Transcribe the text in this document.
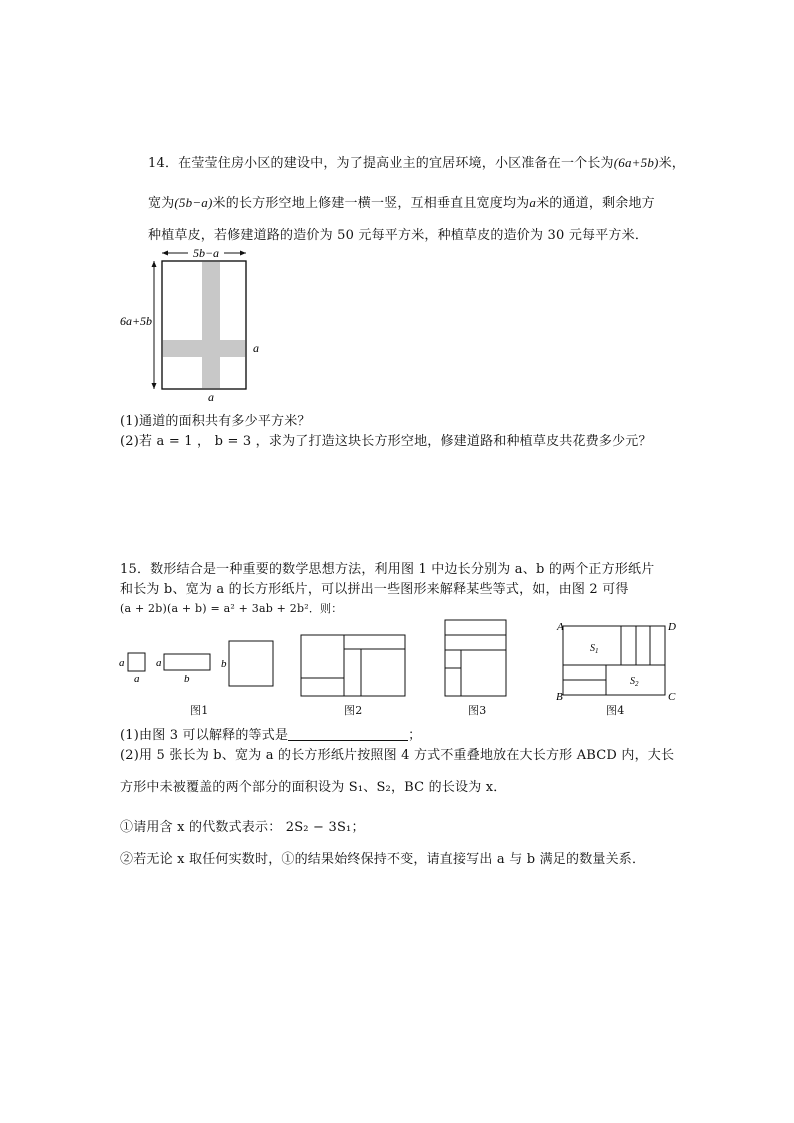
14．在莹莹住房小区的建设中，为了提高业主的宜居环境，小区准备在一个长为(6a+5b)米，
宽为(5b−a)米的长方形空地上修建一横一竖，互相垂直且宽度均为a米的通道，剩余地方
种植草皮，若修建道路的造价为 50 元每平方米，种植草皮的造价为 30 元每平方米．
5b−a
6a+5b
a
a
(1)通道的面积共有多少平方米？
(2)若 a = 1 ， b = 3 ，求为了打造这块长方形空地，修建道路和种植草皮共花费多少元？
15．数形结合是一种重要的数学思想方法，利用图 1 中边长分别为 a、b 的两个正方形纸片
和长为 b、宽为 a 的长方形纸片，可以拼出一些图形来解释某些等式，如，由图 2 可得
(a + 2b)(a + b) = a² + 3ab + 2b²．则：
a
a
a
b
b
A	D
B	C
$S_1$
$S_2$
图1	图2	图3	图4
(1)由图 3 可以解释的等式是	；
(2)用 5 张长为 b、宽为 a 的长方形纸片按照图 4 方式不重叠地放在大长方形 ABCD 内，大长
方形中未被覆盖的两个部分的面积设为 S₁、S₂，BC 的长设为 x．
①请用含 x 的代数式表示： 2S₂ − 3S₁；
②若无论 x 取任何实数时，①的结果始终保持不变，请直接写出 a 与 b 满足的数量关系．
